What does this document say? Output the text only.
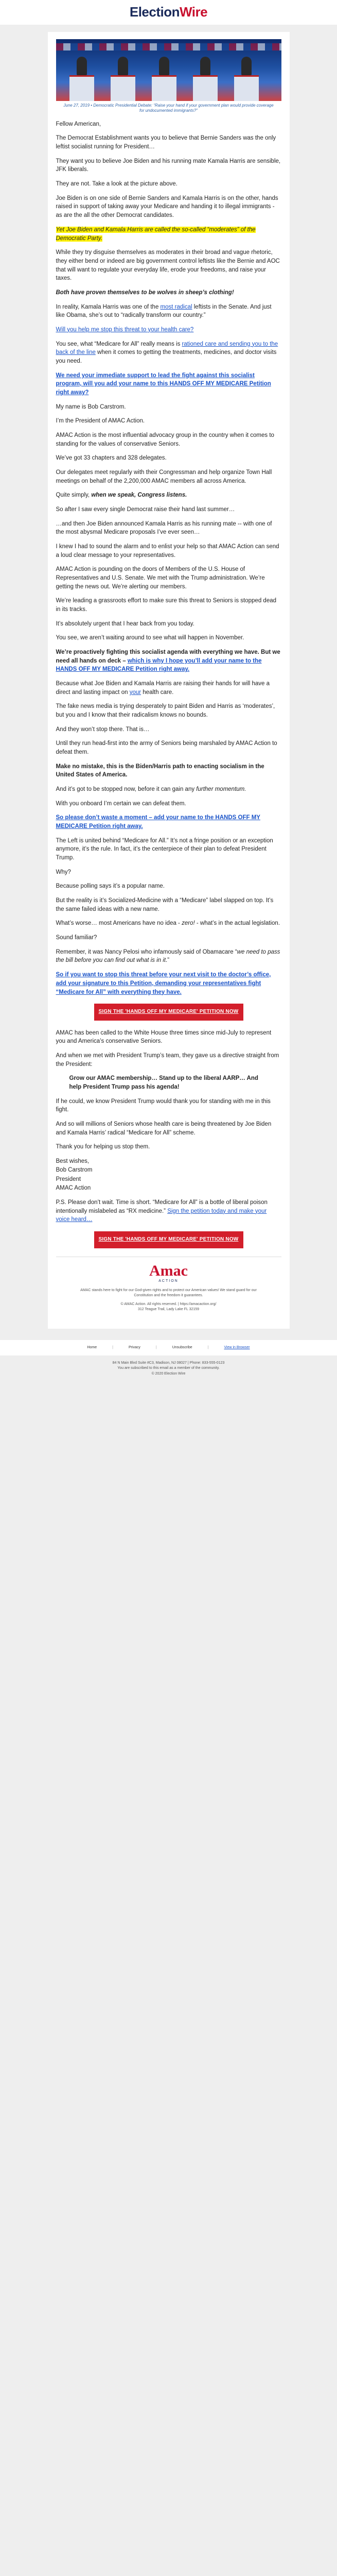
ElectionWire
June 27, 2019 • Democratic Presidential Debate: “Raise your hand if your government plan would provide coverage for undocumented immigrants?”

Fellow American,

The Democrat Establishment wants you to believe that Bernie Sanders was the only leftist socialist running for President…

They want you to believe Joe Biden and his running mate Kamala Harris are sensible, JFK liberals.

They are not. Take a look at the picture above.

Joe Biden is on one side of Bernie Sanders and Kamala Harris is on the other, hands raised in support of taking away your Medicare and handing it to illegal immigrants - as are the all the other Democrat candidates.

Yet Joe Biden and Kamala Harris are called the so-called “moderates” of the Democratic Party.

While they try disguise themselves as moderates in their broad and vague rhetoric, they either bend or indeed are big government control leftists like the Bernie and AOC that will want to regulate your everyday life, erode your freedoms, and raise your taxes.

Both have proven themselves to be wolves in sheep’s clothing!

In reality, Kamala Harris was one of the most radical leftists in the Senate. And just like Obama, she’s out to “radically transform our country.”

Will you help me stop this threat to your health care?

You see, what “Medicare for All” really means is rationed care and sending you to the back of the line when it comes to getting the treatments, medicines, and doctor visits you need.

We need your immediate support to lead the fight against this socialist program, will you add your name to this HANDS OFF MY MEDICARE Petition right away?

My name is Bob Carstrom.

I’m the President of AMAC Action.

AMAC Action is the most influential advocacy group in the country when it comes to standing for the values of conservative Seniors.

We’ve got 33 chapters and 328 delegates.

Our delegates meet regularly with their Congressman and help organize Town Hall meetings on behalf of the 2,200,000 AMAC members all across America.

Quite simply, when we speak, Congress listens.

So after I saw every single Democrat raise their hand last summer…

…and then Joe Biden announced Kamala Harris as his running mate -- with one of the most abysmal Medicare proposals I’ve ever seen…

I knew I had to sound the alarm and to enlist your help so that AMAC Action can send a loud clear message to your representatives.

AMAC Action is pounding on the doors of Members of the U.S. House of Representatives and U.S. Senate. We met with the Trump administration. We’re getting the news out. We’re alerting our members.

We’re leading a grassroots effort to make sure this threat to Seniors is stopped dead in its tracks.

It’s absolutely urgent that I hear back from you today.

You see, we aren’t waiting around to see what will happen in November.

We’re proactively fighting this socialist agenda with everything we have. But we need all hands on deck – which is why I hope you’ll add your name to the HANDS OFF MY MEDICARE Petition right away.

Because what Joe Biden and Kamala Harris are raising their hands for will have a direct and lasting impact on your health care.

The fake news media is trying desperately to paint Biden and Harris as ‘moderates’, but you and I know that their radicalism knows no bounds.

And they won’t stop there. That is…

Until they run head-first into the army of Seniors being marshaled by AMAC Action to defeat them.

Make no mistake, this is the Biden/Harris path to enacting socialism in the United States of America.

And it’s got to be stopped now, before it can gain any further momentum.

With you onboard I’m certain we can defeat them.

So please don’t waste a moment – add your name to the HANDS OFF MY MEDICARE Petition right away.

The Left is united behind “Medicare for All.” It’s not a fringe position or an exception anymore, it’s the rule. In fact, it’s the centerpiece of their plan to defeat President Trump.

Why?

Because polling says it’s a popular name.

But the reality is it’s Socialized-Medicine with a “Medicare” label slapped on top. It’s the same failed ideas with a new name.

What’s worse… most Americans have no idea - zero! - what’s in the actual legislation.

Sound familiar?

Remember, it was Nancy Pelosi who infamously said of Obamacare “we need to pass the bill before you can find out what is in it.”

So if you want to stop this threat before your next visit to the doctor’s office, add your signature to this Petition, demanding your representatives fight “Medicare for All” with everything they have.

SIGN THE 'HANDS OFF MY MEDICARE' PETITION NOW

AMAC has been called to the White House three times since mid-July to represent you and America’s conservative Seniors.

And when we met with President Trump’s team, they gave us a directive straight from the President:

Grow our AMAC membership… Stand up to the liberal AARP… And help President Trump pass his agenda!

If he could, we know President Trump would thank you for standing with me in this fight.

And so will millions of Seniors whose health care is being threatened by Joe Biden and Kamala Harris’ radical “Medicare for All” scheme.

Thank you for helping us stop them.

Best wishes,
Bob Carstrom
President
AMAC Action

P.S. Please don’t wait. Time is short. “Medicare for All” is a bottle of liberal poison intentionally mislabeled as “RX medicine.” Sign the petition today and make your voice heard…

SIGN THE 'HANDS OFF MY MEDICARE' PETITION NOW
Amac
ACTION
AMAC stands here to fight for our God-given rights and to protect our American values! We stand guard for our Constitution and the freedom it guarantees.
© AMAC Action. All rights reserved. | https://amacaction.org/
312 Teague Trail, Lady Lake FL 32159
Home	|	Privacy	|	Unsubscribe	|	View in Browser
84 N Main Blvd Suite #C3, Madison, NJ 08027 | Phone: 833-555-0123
You are subscribed to this email as a member of the community.
© 2020 Election Wire
